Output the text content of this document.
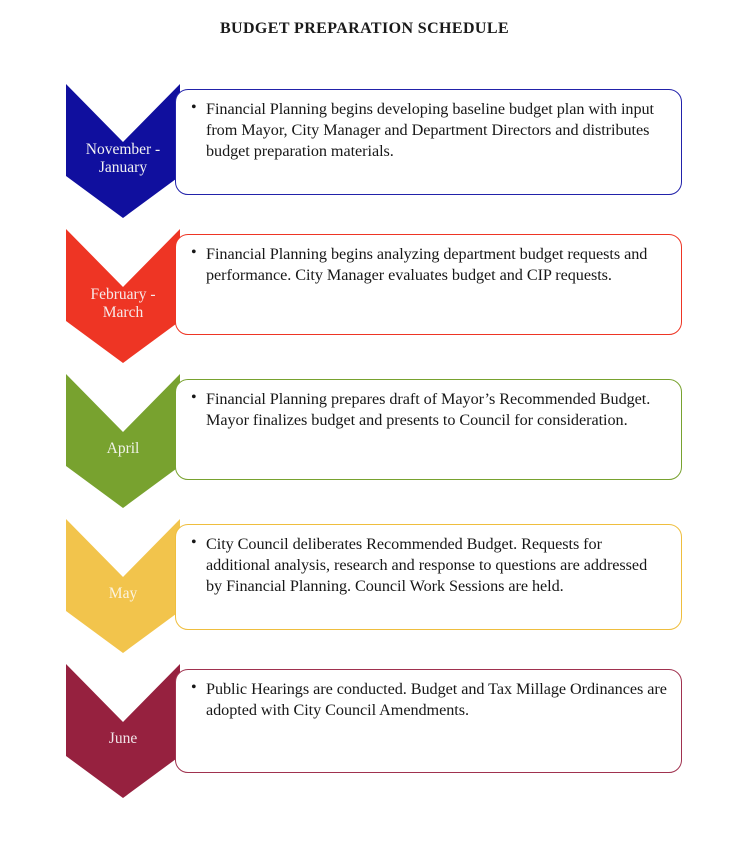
BUDGET PREPARATION SCHEDULE
November -
January
• Financial Planning begins developing baseline budget plan with input from Mayor, City Manager and Department Directors and distributes budget preparation materials.
February -
March
• Financial Planning begins analyzing department budget requests and performance. City Manager evaluates budget and CIP requests.
April
• Financial Planning prepares draft of Mayor’s Recommended Budget. Mayor finalizes budget and presents to Council for consideration.
May
• City Council deliberates Recommended Budget. Requests for additional analysis, research and response to questions are addressed by Financial Planning. Council Work Sessions are held.
June
• Public Hearings are conducted. Budget and Tax Millage Ordinances are adopted with City Council Amendments.
